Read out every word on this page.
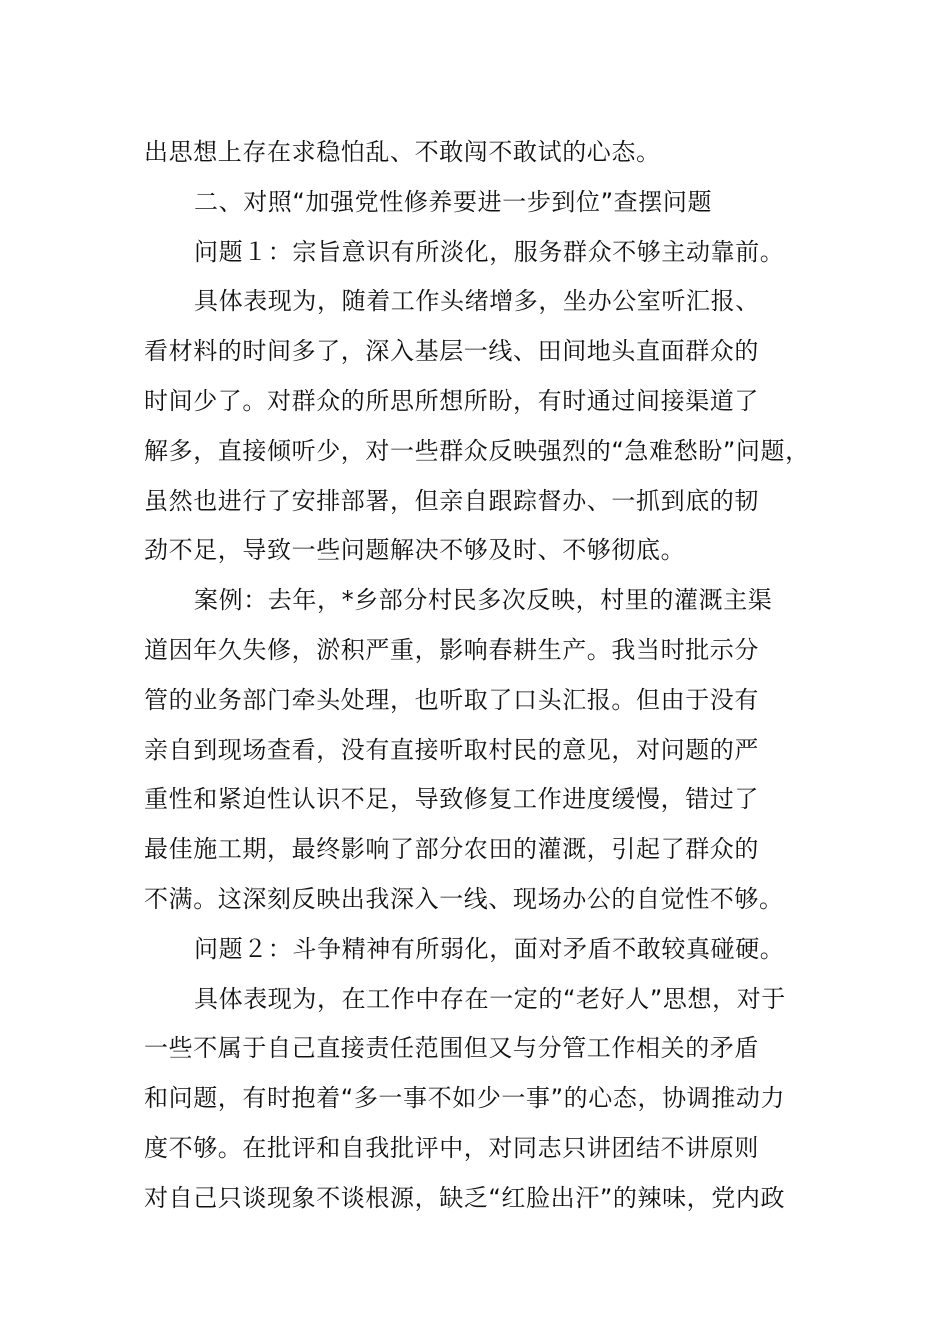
出思想上存在求稳怕乱、不敢闯不敢试的心态。
二、对照“加强党性修养要进一步到位”查摆问题
问题１：宗旨意识有所淡化，服务群众不够主动靠前。
具体表现为，随着工作头绪增多，坐办公室听汇报、
看材料的时间多了，深入基层一线、田间地头直面群众的
时间少了。对群众的所思所想所盼，有时通过间接渠道了
解多，直接倾听少，对一些群众反映强烈的“急难愁盼”问题，
虽然也进行了安排部署，但亲自跟踪督办、一抓到底的韧
劲不足，导致一些问题解决不够及时、不够彻底。
案例：去年，*乡部分村民多次反映，村里的灌溉主渠
道因年久失修，淤积严重，影响春耕生产。我当时批示分
管的业务部门牵头处理，也听取了口头汇报。但由于没有
亲自到现场查看，没有直接听取村民的意见，对问题的严
重性和紧迫性认识不足，导致修复工作进度缓慢，错过了
最佳施工期，最终影响了部分农田的灌溉，引起了群众的
不满。这深刻反映出我深入一线、现场办公的自觉性不够。
问题２：斗争精神有所弱化，面对矛盾不敢较真碰硬。
具体表现为，在工作中存在一定的“老好人”思想，对于
一些不属于自己直接责任范围但又与分管工作相关的矛盾
和问题，有时抱着“多一事不如少一事”的心态，协调推动力
度不够。在批评和自我批评中，对同志只讲团结不讲原则
对自己只谈现象不谈根源，缺乏“红脸出汗”的辣味，党内政
